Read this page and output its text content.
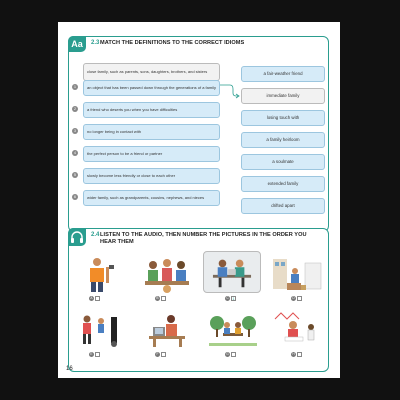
Aa	2.3 MATCH THE DEFINITIONS TO THE CORRECT IDIOMS
close family, such as parents, sons, daughters, brothers, and sisters
1	an object that has been passed down through the generations of a family
2	a friend who deserts you when you have difficulties
3	no longer being in contact with
4	the perfect person to be a friend or partner
5	slowly become less friendly or close to each other
6	wider family, such as grandparents, cousins, nephews, and nieces
a fair-weather friend
immediate family
losing touch with
a family heirloom
a soulmate
extended family
drifted apart
2.4 LISTEN TO THE AUDIO, THEN NUMBER THE PICTURES IN THE ORDER YOU HEAR THEM
A	B	C	1	D
E	F	G	H
16
